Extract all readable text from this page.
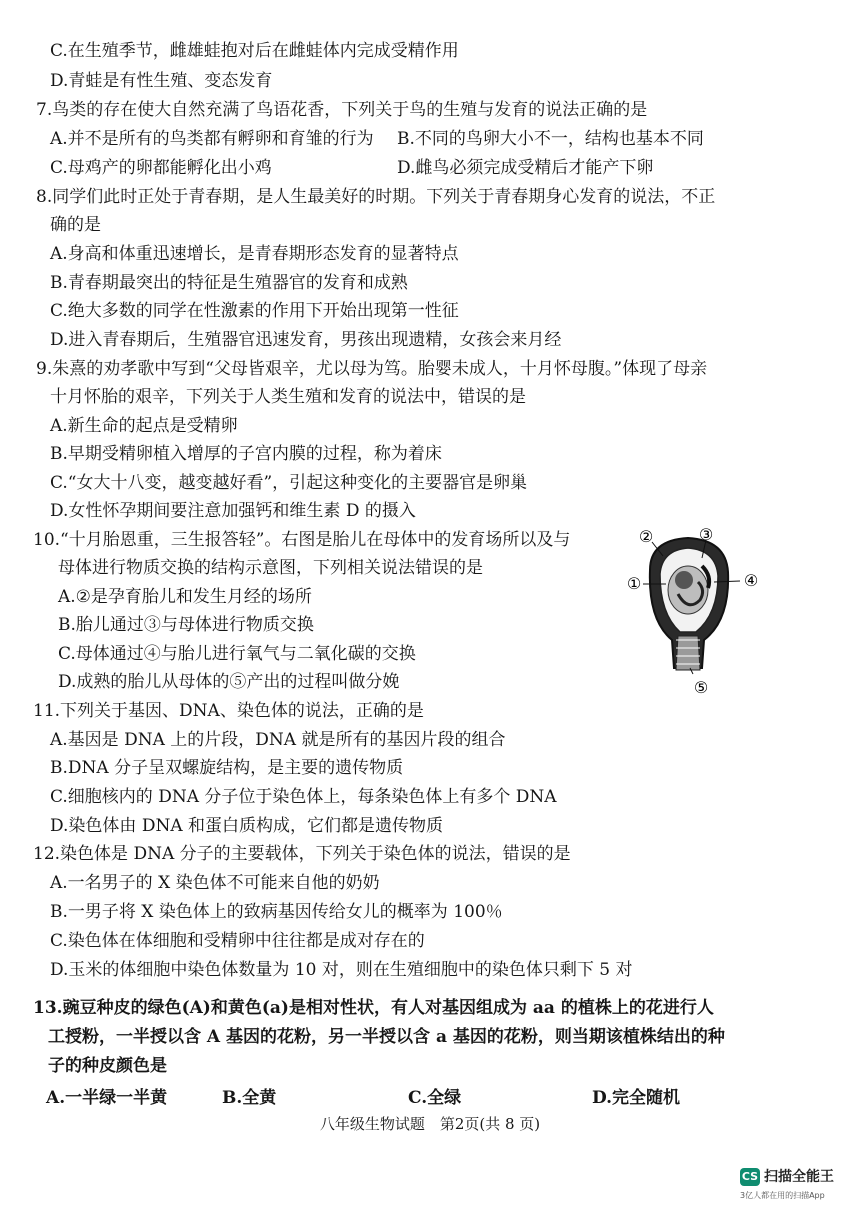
C.在生殖季节，雌雄蛙抱对后在雌蛙体内完成受精作用
D.青蛙是有性生殖、变态发育
7.鸟类的存在使大自然充满了鸟语花香，下列关于鸟的生殖与发育的说法正确的是
A.并不是所有的鸟类都有孵卵和育雏的行为 B.不同的鸟卵大小不一，结构也基本不同
C.母鸡产的卵都能孵化出小鸡	D.雌鸟必须完成受精后才能产下卵
8.同学们此时正处于青春期，是人生最美好的时期。下列关于青春期身心发育的说法，不正
确的是
A.身高和体重迅速增长，是青春期形态发育的显著特点
B.青春期最突出的特征是生殖器官的发育和成熟
C.绝大多数的同学在性激素的作用下开始出现第一性征
D.进入青春期后，生殖器官迅速发育，男孩出现遗精，女孩会来月经
9.朱熹的劝孝歌中写到“父母皆艰辛，尤以母为笃。胎婴未成人，十月怀母腹。”体现了母亲
十月怀胎的艰辛，下列关于人类生殖和发育的说法中，错误的是
A.新生命的起点是受精卵
B.早期受精卵植入增厚的子宫内膜的过程，称为着床
C.“女大十八变，越变越好看”，引起这种变化的主要器官是卵巢
D.女性怀孕期间要注意加强钙和维生素 D 的摄入
10.“十月胎恩重，三生报答轻”。右图是胎儿在母体中的发育场所以及与
母体进行物质交换的结构示意图，下列相关说法错误的是
A.②是孕育胎儿和发生月经的场所
B.胎儿通过③与母体进行物质交换
C.母体通过④与胎儿进行氧气与二氧化碳的交换
D.成熟的胎儿从母体的⑤产出的过程叫做分娩
②	③
①	④
⑤
11.下列关于基因、DNA、染色体的说法，正确的是
A.基因是 DNA 上的片段，DNA 就是所有的基因片段的组合
B.DNA 分子呈双螺旋结构，是主要的遗传物质
C.细胞核内的 DNA 分子位于染色体上，每条染色体上有多个 DNA
D.染色体由 DNA 和蛋白质构成，它们都是遗传物质
12.染色体是 DNA 分子的主要载体，下列关于染色体的说法，错误的是
A.一名男子的 X 染色体不可能来自他的奶奶
B.一男子将 X 染色体上的致病基因传给女儿的概率为 100％
C.染色体在体细胞和受精卵中往往都是成对存在的
D.玉米的体细胞中染色体数量为 10 对，则在生殖细胞中的染色体只剩下 5 对
13.豌豆种皮的绿色(A)和黄色(a)是相对性状，有人对基因组成为 aa 的植株上的花进行人
工授粉，一半授以含 A 基因的花粉，另一半授以含 a 基因的花粉，则当期该植株结出的种
子的种皮颜色是
A.一半绿一半黄	B.全黄	C.全绿	D.完全随机
八年级生物试题　第2页(共 8 页)
CS 扫描全能王
3亿人都在用的扫描App
